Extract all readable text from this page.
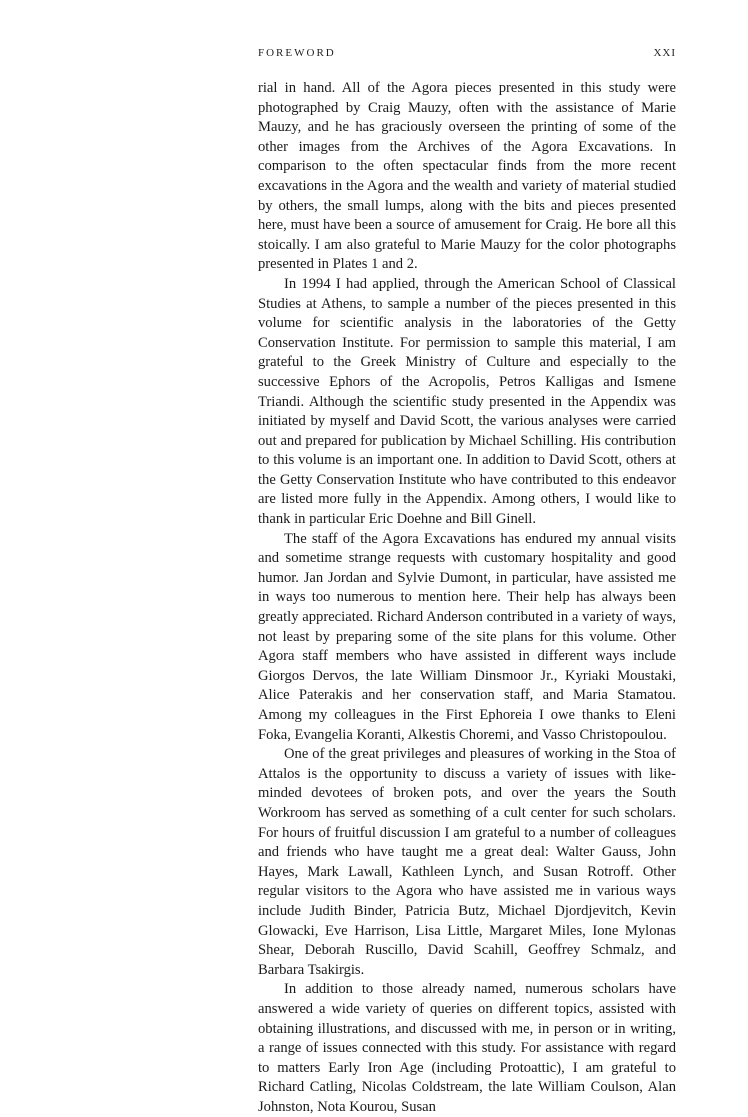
FOREWORD	XXI

rial in hand. All of the Agora pieces presented in this study were photographed by Craig Mauzy, often with the assistance of Marie Mauzy, and he has graciously overseen the printing of some of the other images from the Archives of the Agora Excavations. In comparison to the often spectacular finds from the more recent excavations in the Agora and the wealth and variety of material studied by others, the small lumps, along with the bits and pieces presented here, must have been a source of amusement for Craig. He bore all this stoically. I am also grateful to Marie Mauzy for the color photographs presented in Plates 1 and 2.

In 1994 I had applied, through the American School of Classical Studies at Athens, to sample a number of the pieces presented in this volume for scientific analysis in the laboratories of the Getty Conservation Institute. For permission to sample this material, I am grateful to the Greek Ministry of Culture and especially to the successive Ephors of the Acropolis, Petros Kalligas and Ismene Triandi. Although the scientific study presented in the Appendix was initiated by myself and David Scott, the various analyses were carried out and prepared for publication by Michael Schilling. His contribution to this volume is an important one. In addition to David Scott, others at the Getty Conservation Institute who have contributed to this endeavor are listed more fully in the Appendix. Among others, I would like to thank in particular Eric Doehne and Bill Ginell.

The staff of the Agora Excavations has endured my annual visits and sometime strange requests with customary hospitality and good humor. Jan Jordan and Sylvie Dumont, in particular, have assisted me in ways too numerous to mention here. Their help has always been greatly appreciated. Richard Anderson contributed in a variety of ways, not least by preparing some of the site plans for this volume. Other Agora staff members who have assisted in different ways include Giorgos Dervos, the late William Dinsmoor Jr., Kyriaki Moustaki, Alice Paterakis and her conservation staff, and Maria Stamatou. Among my colleagues in the First Ephoreia I owe thanks to Eleni Foka, Evangelia Koranti, Alkestis Choremi, and Vasso Christopoulou.

One of the great privileges and pleasures of working in the Stoa of Attalos is the opportunity to discuss a variety of issues with like-minded devotees of broken pots, and over the years the South Workroom has served as something of a cult center for such scholars. For hours of fruitful discussion I am grateful to a number of colleagues and friends who have taught me a great deal: Walter Gauss, John Hayes, Mark Lawall, Kathleen Lynch, and Susan Rotroff. Other regular visitors to the Agora who have assisted me in various ways include Judith Binder, Patricia Butz, Michael Djordjevitch, Kevin Glowacki, Eve Harrison, Lisa Little, Margaret Miles, Ione Mylonas Shear, Deborah Ruscillo, David Scahill, Geoffrey Schmalz, and Barbara Tsakirgis.

In addition to those already named, numerous scholars have answered a wide variety of queries on different topics, assisted with obtaining illustrations, and discussed with me, in person or in writing, a range of issues connected with this study. For assistance with regard to matters Early Iron Age (including Protoattic), I am grateful to Richard Catling, Nicolas Coldstream, the late William Coulson, Alan Johnston, Nota Kourou, Susan
